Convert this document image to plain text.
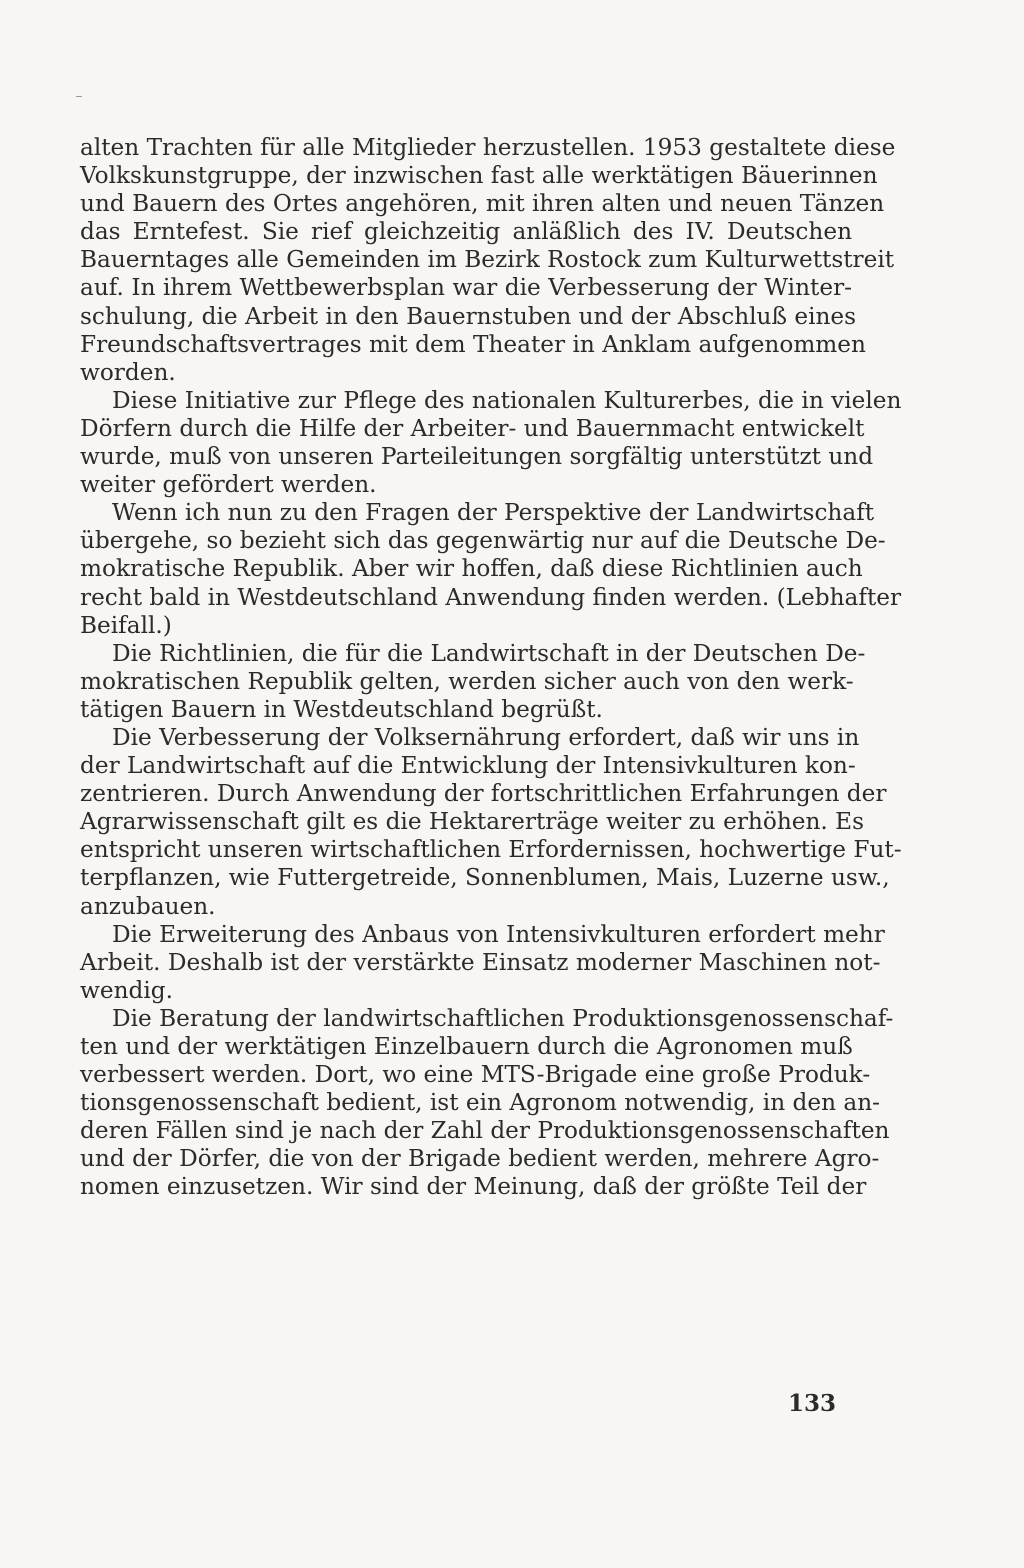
alten Trachten für alle Mitglieder herzustellen. 1953 gestaltete diese
Volkskunstgruppe, der inzwischen fast alle werktätigen Bäuerinnen
und Bauern des Ortes angehören, mit ihren alten und neuen Tänzen
das Erntefest. Sie rief gleichzeitig anläßlich des IV. Deutschen
Bauerntages alle Gemeinden im Bezirk Rostock zum Kulturwettstreit
auf. In ihrem Wettbewerbsplan war die Verbesserung der Winter-
schulung, die Arbeit in den Bauernstuben und der Abschluß eines
Freundschaftsvertrages mit dem Theater in Anklam aufgenommen
worden.
Diese Initiative zur Pflege des nationalen Kulturerbes, die in vielen
Dörfern durch die Hilfe der Arbeiter- und Bauernmacht entwickelt
wurde, muß von unseren Parteileitungen sorgfältig unterstützt und
weiter gefördert werden.
Wenn ich nun zu den Fragen der Perspektive der Landwirtschaft
übergehe, so bezieht sich das gegenwärtig nur auf die Deutsche De-
mokratische Republik. Aber wir hoffen, daß diese Richtlinien auch
recht bald in Westdeutschland Anwendung finden werden. (Lebhafter
Beifall.)
Die Richtlinien, die für die Landwirtschaft in der Deutschen De-
mokratischen Republik gelten, werden sicher auch von den werk-
tätigen Bauern in Westdeutschland begrüßt.
Die Verbesserung der Volksernährung erfordert, daß wir uns in
der Landwirtschaft auf die Entwicklung der Intensivkulturen kon-
zentrieren. Durch Anwendung der fortschrittlichen Erfahrungen der
Agrarwissenschaft gilt es die Hektarerträge weiter zu erhöhen. Es
entspricht unseren wirtschaftlichen Erfordernissen, hochwertige Fut-
terpflanzen, wie Futtergetreide, Sonnenblumen, Mais, Luzerne usw.,
anzubauen.
Die Erweiterung des Anbaus von Intensivkulturen erfordert mehr
Arbeit. Deshalb ist der verstärkte Einsatz moderner Maschinen not-
wendig.
Die Beratung der landwirtschaftlichen Produktionsgenossenschaf-
ten und der werktätigen Einzelbauern durch die Agronomen muß
verbessert werden. Dort, wo eine MTS-Brigade eine große Produk-
tionsgenossenschaft bedient, ist ein Agronom notwendig, in den an-
deren Fällen sind je nach der Zahl der Produktionsgenossenschaften
und der Dörfer, die von der Brigade bedient werden, mehrere Agro-
nomen einzusetzen. Wir sind der Meinung, daß der größte Teil der
133
